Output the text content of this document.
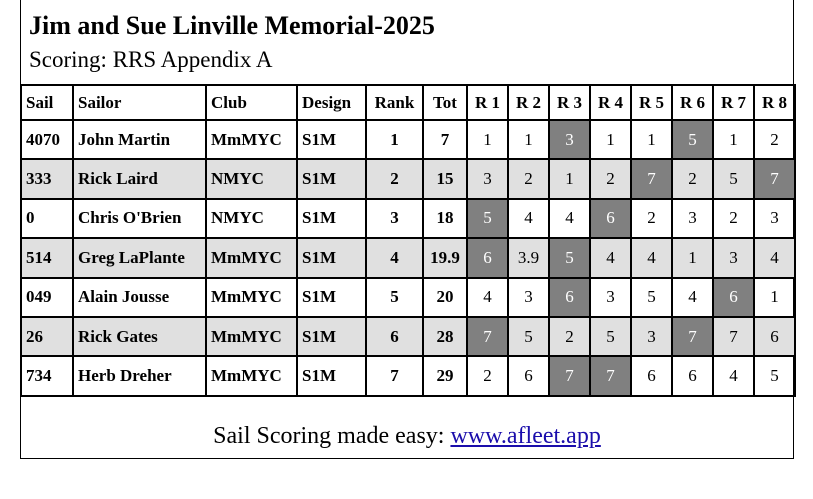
Jim and Sue Linville Memorial-2025
Scoring: RRS Appendix A
Sail	Sailor	Club	Design	Rank	Tot	R 1	R 2	R 3	R 4	R 5	R 6	R 7	R 8
4070	John Martin	MmMYC	S1M	1	7	1	1	3	1	1	5	1	2
333	Rick Laird	NMYC	S1M	2	15	3	2	1	2	7	2	5	7
0	Chris O'Brien	NMYC	S1M	3	18	5	4	4	6	2	3	2	3
514	Greg LaPlante	MmMYC	S1M	4	19.9	6	3.9	5	4	4	1	3	4
049	Alain Jousse	MmMYC	S1M	5	20	4	3	6	3	5	4	6	1
26	Rick Gates	MmMYC	S1M	6	28	7	5	2	5	3	7	7	6
734	Herb Dreher	MmMYC	S1M	7	29	2	6	7	7	6	6	4	5
Sail Scoring made easy: www.afleet.app
